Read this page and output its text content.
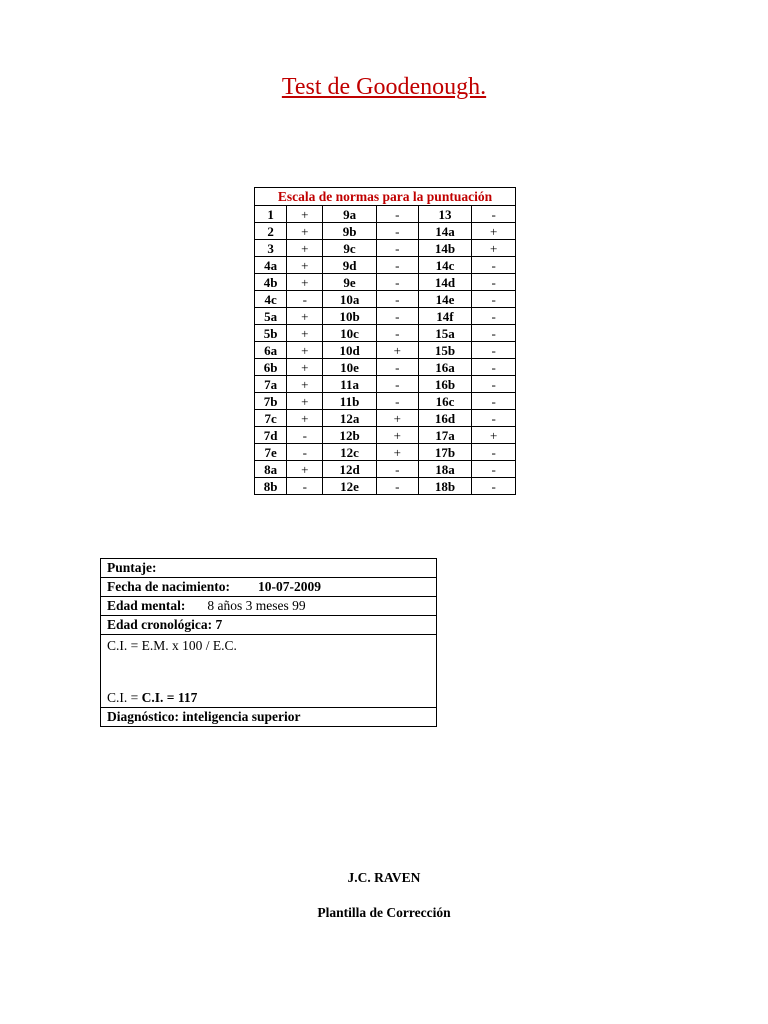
Test de Goodenough.
Escala de normas para la puntuación					
1	+	9a	-	13	-
2	+	9b	-	14a	+
3	+	9c	-	14b	+
4a	+	9d	-	14c	-
4b	+	9e	-	14d	-
4c	-	10a	-	14e	-
5a	+	10b	-	14f	-
5b	+	10c	-	15a	-
6a	+	10d	+	15b	-
6b	+	10e	-	16a	-
7a	+	11a	-	16b	-
7b	+	11b	-	16c	-
7c	+	12a	+	16d	-
7d	-	12b	+	17a	+
7e	-	12c	+	17b	-
8a	+	12d	-	18a	-
8b	-	12e	-	18b	-
Puntaje:
Fecha de nacimiento: 10-07-2009
Edad mental: 8 años 3 meses 99
Edad cronológica: 7

C.I. = E.M. x 100 / E.C.
C.I. = C.I. = 117

Diagnóstico: inteligencia superior
J.C. RAVEN
Plantilla de Corrección
